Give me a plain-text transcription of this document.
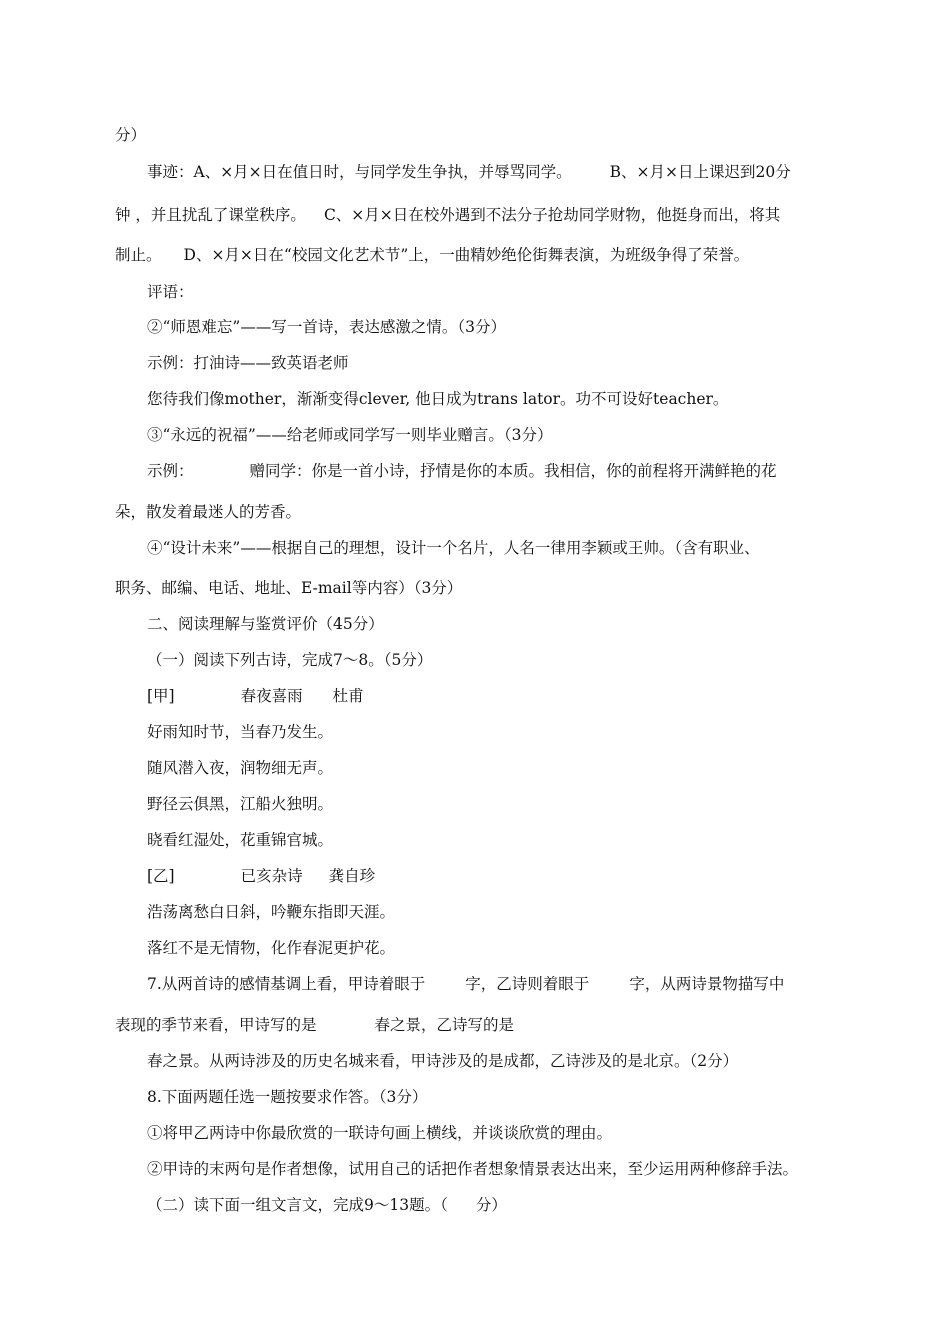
分）
事迹：A、×月×日在值日时，与同学发生争执，并辱骂同学。 B、×月×日上课迟到20分
钟 ，并且扰乱了课堂秩序。 C、×月×日在校外遇到不法分子抢劫同学财物，他挺身而出，将其
制止。 D、×月×日在“校园文化艺术节”上，一曲精妙绝伦街舞表演，为班级争得了荣誉。
评语：
②“师恩难忘”——写一首诗，表达感激之情。（3分）
示例：打油诗——致英语老师
您待我们像mother，渐渐变得clever, 他日成为trans lator。功不可设好teacher。
③“永远的祝福”——给老师或同学写一则毕业赠言。（3分）
示例：	赠同学：你是一首小诗，抒情是你的本质。我相信，你的前程将开满鲜艳的花
朵，散发着最迷人的芳香。
④“设计未来”——根据自己的理想，设计一个名片，人名一律用李颖或王帅。（含有职业、
职务、邮编、电话、地址、E-mail等内容）（3分）
二、阅读理解与鉴赏评价（45分）
（一）阅读下列古诗，完成7～8。（5分）
[甲]	春夜喜雨 杜甫
好雨知时节，当春乃发生。
随风潜入夜，润物细无声。
野径云俱黑，江船火独明。
晓看红湿处，花重锦官城。
[乙]	已亥杂诗 龚自珍
浩荡离愁白日斜，吟鞭东指即天涯。
落红不是无情物，化作春泥更护花。
7.从两首诗的感情基调上看，甲诗着眼于	字，乙诗则着眼于	字，从两诗景物描写中
表现的季节来看，甲诗写的是	春之景，乙诗写的是
春之景。从两诗涉及的历史名城来看，甲诗涉及的是成都，乙诗涉及的是北京。（2分）
8.下面两题任选一题按要求作答。（3分）
①将甲乙两诗中你最欣赏的一联诗句画上横线，并谈谈欣赏的理由。
②甲诗的末两句是作者想像，试用自己的话把作者想象情景表达出来，至少运用两种修辞手法。
（二）读下面一组文言文，完成9～13题。（ 分）
